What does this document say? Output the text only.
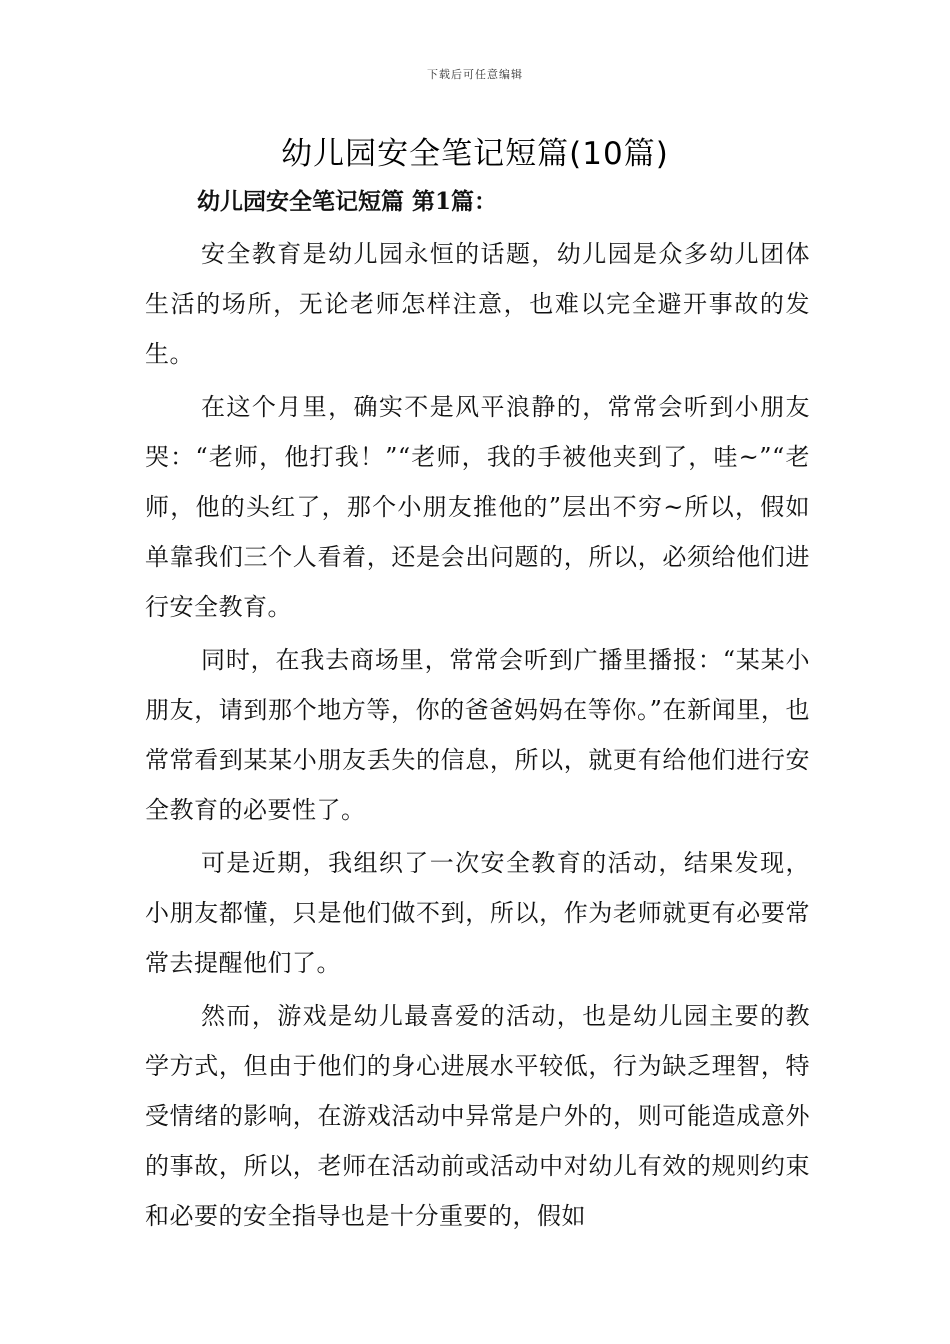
下载后可任意编辑
幼儿园安全笔记短篇(10篇)
幼儿园安全笔记短篇 第1篇：

安全教育是幼儿园永恒的话题，幼儿园是众多幼儿团体生活的场所，无论老师怎样注意，也难以完全避开事故的发生。

在这个月里，确实不是风平浪静的，常常会听到小朋友哭：“老师，他打我！”“老师，我的手被他夹到了，哇~”“老师，他的头红了，那个小朋友推他的”层出不穷~所以，假如单靠我们三个人看着，还是会出问题的，所以，必须给他们进行安全教育。

同时，在我去商场里，常常会听到广播里播报：“某某小朋友，请到那个地方等，你的爸爸妈妈在等你。”在新闻里，也常常看到某某小朋友丢失的信息，所以，就更有给他们进行安全教育的必要性了。

可是近期，我组织了一次安全教育的活动，结果发现，小朋友都懂，只是他们做不到，所以，作为老师就更有必要常常去提醒他们了。

然而，游戏是幼儿最喜爱的活动，也是幼儿园主要的教学方式，但由于他们的身心进展水平较低，行为缺乏理智，特受情绪的影响，在游戏活动中异常是户外的，则可能造成意外的事故，所以，老师在活动前或活动中对幼儿有效的规则约束和必要的安全指导也是十分重要的，假如
